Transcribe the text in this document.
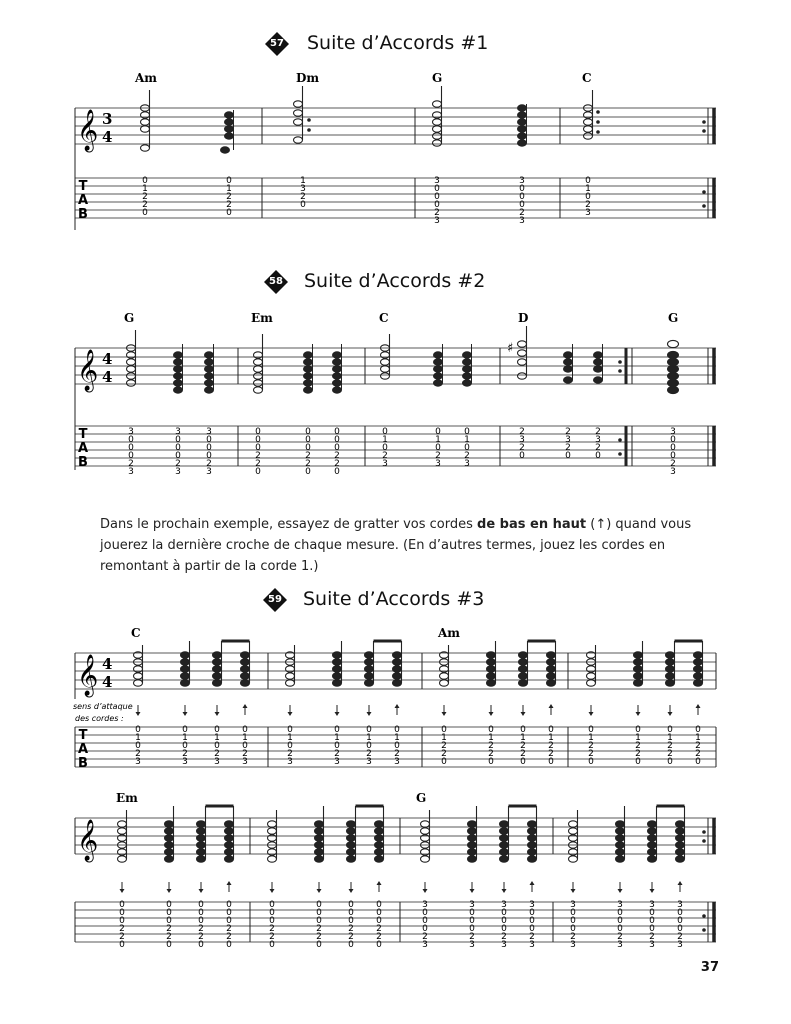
57 Suite d’Accords #1
Am	Dm	G	C
𝄞 3
4
T
A
B
0
1
2
2
0
0
1
2
2
0
1
3
2
0
3
0
0
0
2
3
3
0
0
0
2
3
0
1
0
2
3
58 Suite d’Accords #2
G	Em	C	D	G
𝄞 4
4
♯
T
A
B
3
0
0
0
2
3
3
0
0
0
2
3
3
0
0
0
2
3
0
0
0
2
2
0
0
0
0
2
2
0
0
0
0
2
2
0
0
1
0
2
3
0
1
0
2
3
0
1
0
2
3
2
3
2
0
2
3
2
0
2
3
2
0
3
0
0
0
2
3

Dans le prochain exemple, essayez de gratter vos cordes de bas en haut (↑) quand vous

jouerez la dernière croche de chaque mesure. (En d’autres termes, jouez les cordes en

remontant à partir de la corde 1.)

59 Suite d’Accords #3
C	Am
𝄞 4
4
sens d’attaque
des cordes :
T
A
B
0
1
0
2
3
0
1
0
2
3
0
1
0
2
3
0
1
0
2
3
0
1
0
2
3
0
1
0
2
3
0
1
0
2
3
0
1
0
2
3
0
1
2
2
0
0
1
2
2
0
0
1
2
2
0
0
1
2
2
0
0
1
2
2
0
0
1
2
2
0
0
1
2
2
0
0
1
2
2
0
Em	G
𝄞
0
0
0
2
2
0
0
0
0
2
2
0
0
0
0
2
2
0
0
0
0
2
2
0
0
0
0
2
2
0
0
0
0
2
2
0
0
0
0
2
2
0
0
0
0
2
2
0
3
0
0
0
2
3
3
0
0
0
2
3
3
0
0
0
2
3
3
0
0
0
2
3
3
0
0
0
2
3
3
0
0
0
2
3
3
0
0
0
2
3
3
0
0
0
2
3
37
